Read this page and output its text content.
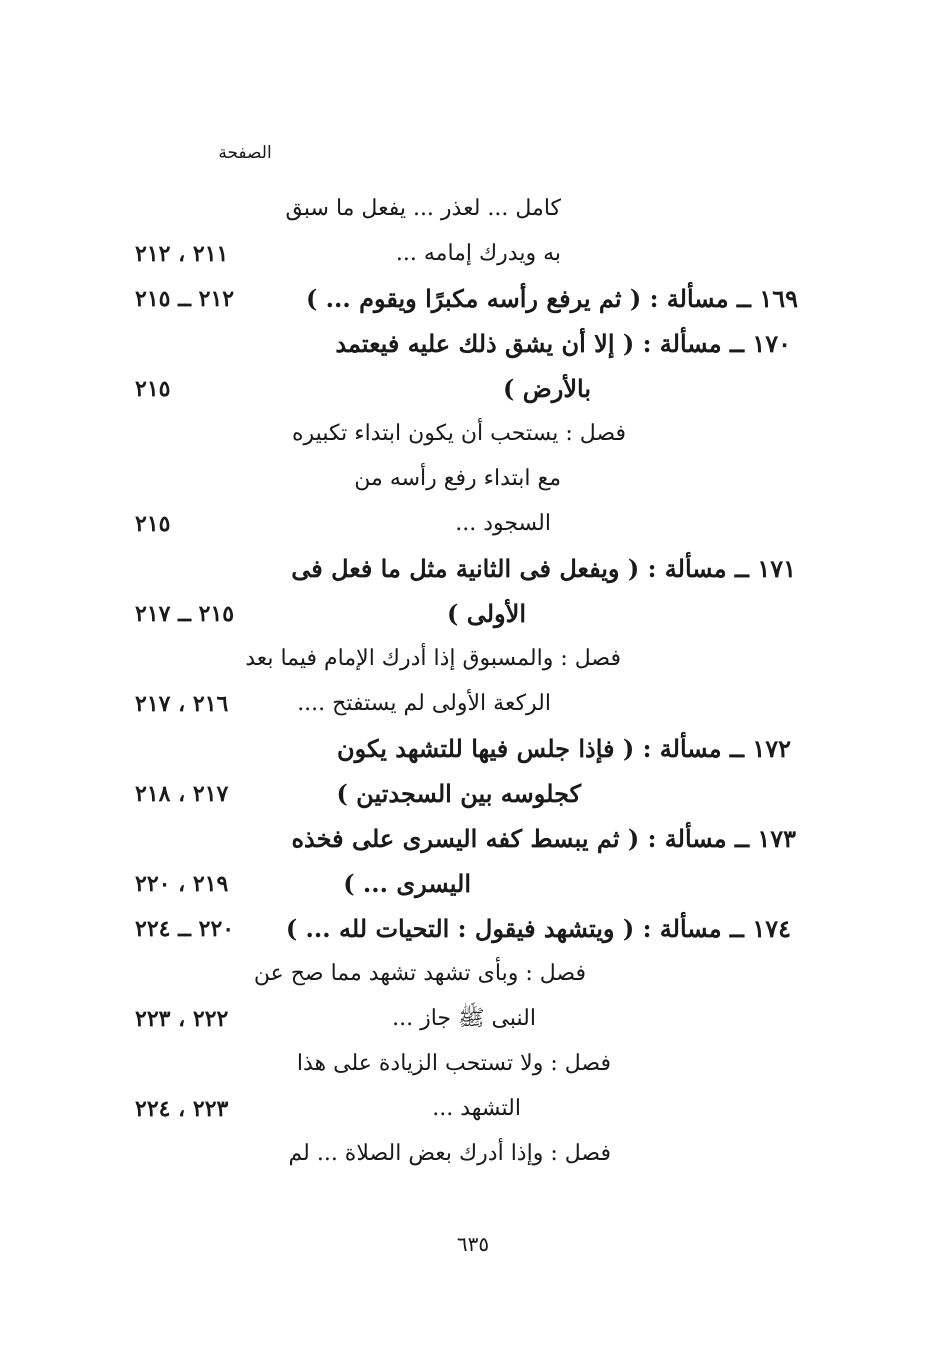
الصفحة
كامل ... لعذر ... يفعل ما سبق
به ويدرك إمامه ...
٢١١ ، ٢١٢
١٦٩ ــ مسألة : ( ثم يرفع رأسه مكبرًا ويقوم ... )
٢١٢ ــ ٢١٥
١٧٠ ــ مسألة : ( إلا أن يشق ذلك عليه فيعتمد
بالأرض )
٢١٥
فصل : يستحب أن يكون ابتداء تكبيره
مع ابتداء رفع رأسه من
السجود ...
٢١٥
١٧١ ــ مسألة : ( ويفعل فى الثانية مثل ما فعل فى
الأولى )
٢١٥ ــ ٢١٧
فصل : والمسبوق إذا أدرك الإمام فيما بعد
الركعة الأولى لم يستفتح ....
٢١٦ ، ٢١٧
١٧٢ ــ مسألة : ( فإذا جلس فيها للتشهد يكون
كجلوسه بين السجدتين )
٢١٧ ، ٢١٨
١٧٣ ــ مسألة : ( ثم يبسط كفه اليسرى على فخذه
اليسرى ... )
٢١٩ ، ٢٢٠
١٧٤ ــ مسألة : ( ويتشهد فيقول : التحيات لله ... )
٢٢٠ ــ ٢٢٤
فصل : وبأى تشهد تشهد مما صح عن
النبى ﷺ جاز ...
٢٢٢ ، ٢٢٣
فصل : ولا تستحب الزيادة على هذا
التشهد ...
٢٢٣ ، ٢٢٤
فصل : وإذا أدرك بعض الصلاة ... لم
٦٣٥
